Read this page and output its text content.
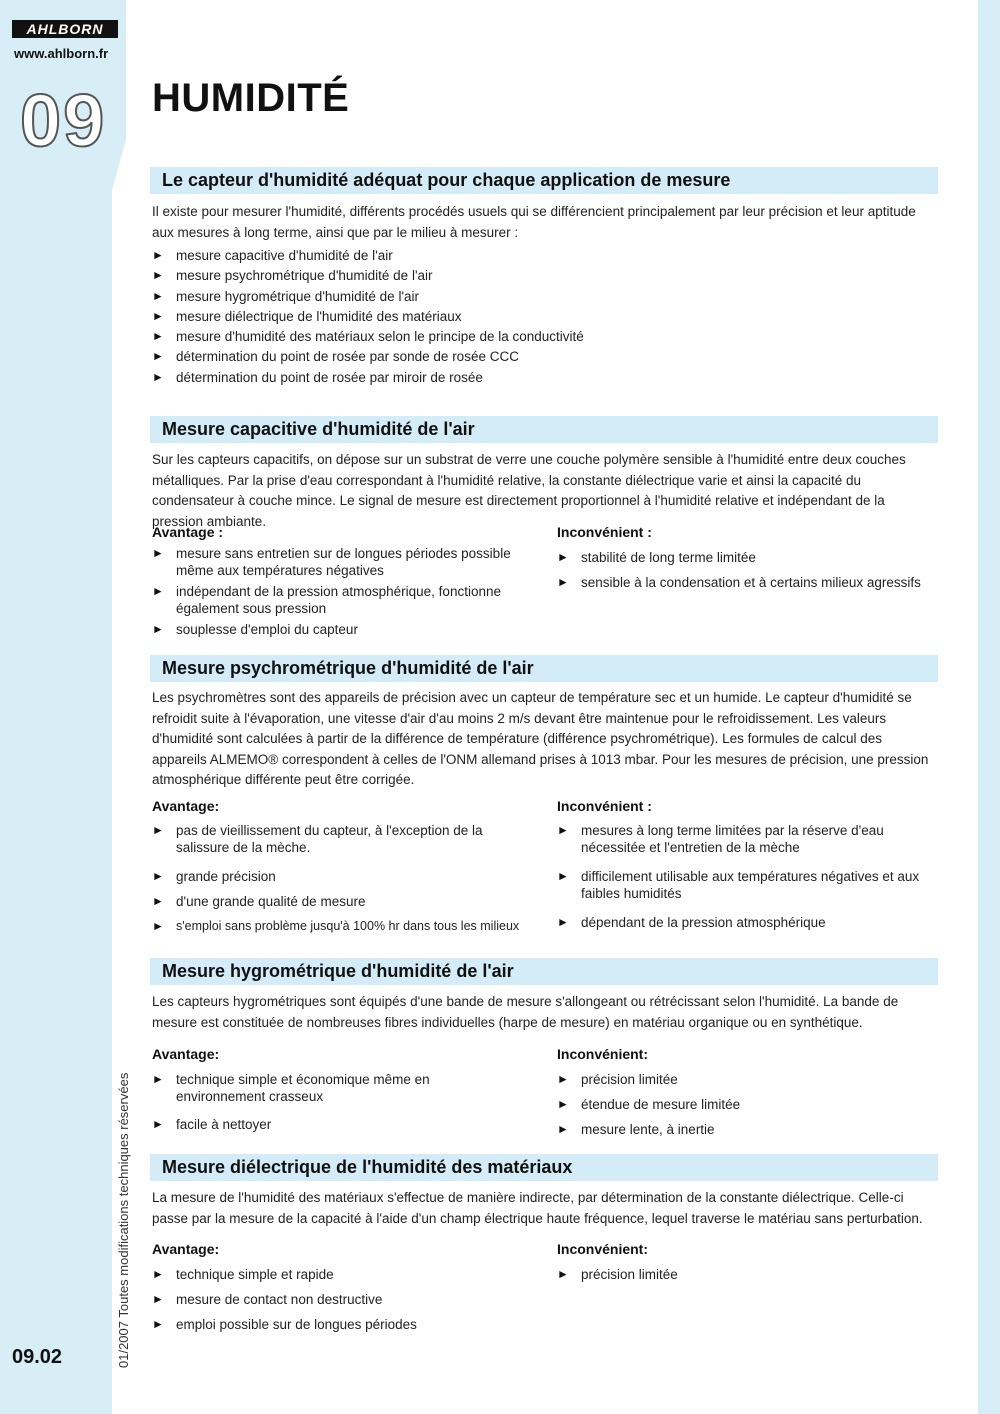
AHLBORN
www.ahlborn.fr
09 HUMIDITÉ
Le capteur d'humidité adéquat pour chaque application de mesure

Il existe pour mesurer l'humidité, différents procédés usuels qui se différencient principalement par leur précision et leur aptitude aux mesures à long terme, ainsi que par le milieu à mesurer :

► mesure capacitive d'humidité de l'air
► mesure psychrométrique d'humidité de l'air
► mesure hygrométrique d'humidité de l'air
► mesure diélectrique de l'humidité des matériaux
► mesure d'humidité des matériaux selon le principe de la conductivité
► détermination du point de rosée par sonde de rosée CCC
► détermination du point de rosée par miroir de rosée
Mesure capacitive d'humidité de l'air

Sur les capteurs capacitifs, on dépose sur un substrat de verre une couche polymère sensible à l'humidité entre deux couches métalliques. Par la prise d'eau correspondant à l'humidité relative, la constante diélectrique varie et ainsi la capacité du condensateur à couche mince. Le signal de mesure est directement proportionnel à l'humidité relative et indépendant de la pression ambiante.

Avantage :
► mesure sans entretien sur de longues périodes possible même aux températures négatives
► indépendant de la pression atmosphérique, fonctionne également sous pression
► souplesse d'emploi du capteur
Inconvénient :
► stabilité de long terme limitée
► sensible à la condensation et à certains milieux agressifs
Mesure psychrométrique d'humidité de l'air

Les psychromètres sont des appareils de précision avec un capteur de température sec et un humide. Le capteur d'humidité se refroidit suite à l'évaporation, une vitesse d'air d'au moins 2 m/s devant être maintenue pour le refroidissement. Les valeurs d'humidité sont calculées à partir de la différence de température (différence psychrométrique). Les formules de calcul des appareils ALMEMO® correspondent à celles de l'ONM allemand prises à 1013 mbar. Pour les mesures de précision, une pression atmosphérique différente peut être corrigée.

Avantage:
► pas de vieillissement du capteur, à l'exception de la salissure de la mèche.
► grande précision
► d'une grande qualité de mesure
► s'emploi sans problème jusqu'à 100% hr dans tous les milieux
Inconvénient :
► mesures à long terme limitées par la réserve d'eau nécessitée et l'entretien de la mèche
► difficilement utilisable aux températures négatives et aux faibles humidités
► dépendant de la pression atmosphérique
Mesure hygrométrique d'humidité de l'air

Les capteurs hygrométriques sont équipés d'une bande de mesure s'allongeant ou rétrécissant selon l'humidité. La bande de mesure est constituée de nombreuses fibres individuelles (harpe de mesure) en matériau organique ou en synthétique.

Avantage:
► technique simple et économique même en environnement crasseux
► facile à nettoyer
Inconvénient:
► précision limitée
► étendue de mesure limitée
► mesure lente, à inertie
Mesure diélectrique de l'humidité des matériaux

La mesure de l'humidité des matériaux s'effectue de manière indirecte, par détermination de la constante diélectrique. Celle-ci passe par la mesure de la capacité à l'aide d'un champ électrique haute fréquence, lequel traverse le matériau sans perturbation.

Avantage:
► technique simple et rapide
► mesure de contact non destructive
► emploi possible sur de longues périodes
Inconvénient:
► précision limitée
01/2007 Toutes modifications techniques réservées
09.02
